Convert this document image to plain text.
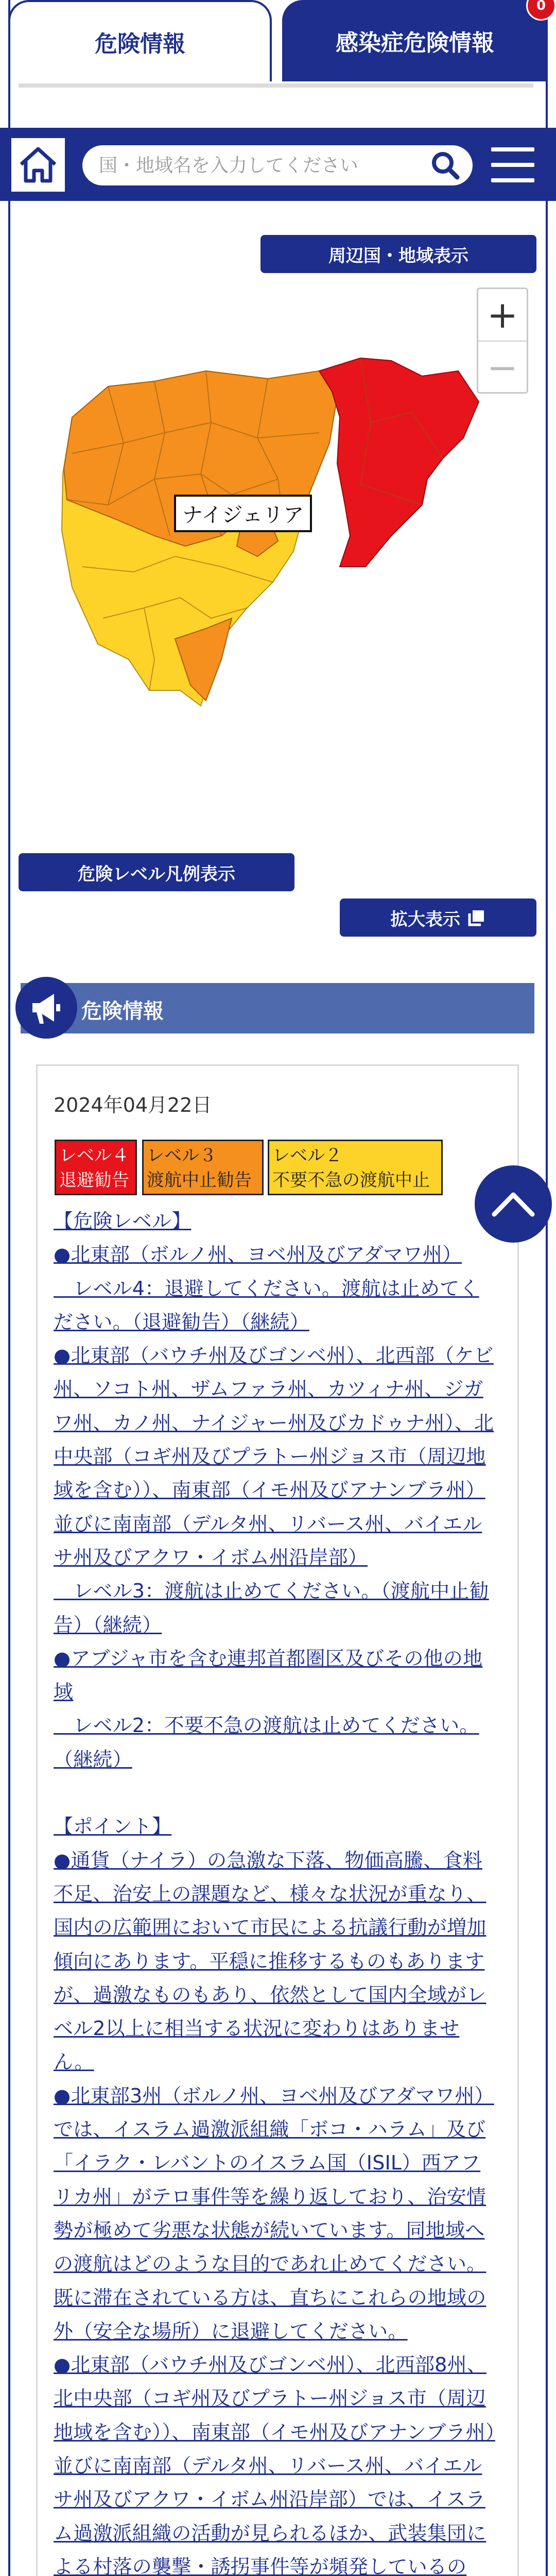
危険情報	感染症危険情報
0
国・地域名を入力してください
周辺国・地域表示
+
−
ナイジェリア
危険レベル凡例表示
拡大表示
危険情報
2024年04月22日
レベル４
退避勧告
レベル３
渡航中止勧告
レベル２
不要不急の渡航中止
【危険レベル】
●北東部（ボルノ州、ヨベ州及びアダマワ州）
　レベル4：退避してください。渡航は止めてください。（退避勧告）（継続）
●北東部（バウチ州及びゴンベ州）、北西部（ケビ州、ソコト州、ザムファラ州、カツィナ州、ジガワ州、カノ州、ナイジャー州及びカドゥナ州）、北中央部（コギ州及びプラトー州ジョス市（周辺地域を含む））、南東部（イモ州及びアナンブラ州）並びに南南部（デルタ州、リバース州、バイエルサ州及びアクワ・イボム州沿岸部）
　レベル3：渡航は止めてください。（渡航中止勧告）（継続）
●アブジャ市を含む連邦首都圏区及びその他の地域
　レベル2：不要不急の渡航は止めてください。（継続）

【ポイント】
●通貨（ナイラ）の急激な下落、物価高騰、食料不足、治安上の課題など、様々な状況が重なり、国内の広範囲において市民による抗議行動が増加傾向にあります。平穏に推移するものもありますが、過激なものもあり、依然として国内全域がレベル2以上に相当する状況に変わりはありません。
●北東部3州（ボルノ州、ヨベ州及びアダマワ州）では、イスラム過激派組織「ボコ・ハラム」及び「イラク・レバントのイスラム国（ISIL）西アフリカ州」がテロ事件等を繰り返しており、治安情勢が極めて劣悪な状態が続いています。同地域への渡航はどのような目的であれ止めてください。既に滞在されている方は、直ちにこれらの地域の外（安全な場所）に退避してください。
●北東部（バウチ州及びゴンベ州）、北西部8州、北中央部（コギ州及びプラトー州ジョス市（周辺地域を含む））、南東部（イモ州及びアナンブラ州）並びに南南部（デルタ州、リバース州、バイエルサ州及びアクワ・イボム州沿岸部）では、イスラム過激派組織の活動が見られるほか、武装集団による村落の襲撃・誘拐事件等が頻発しているの
